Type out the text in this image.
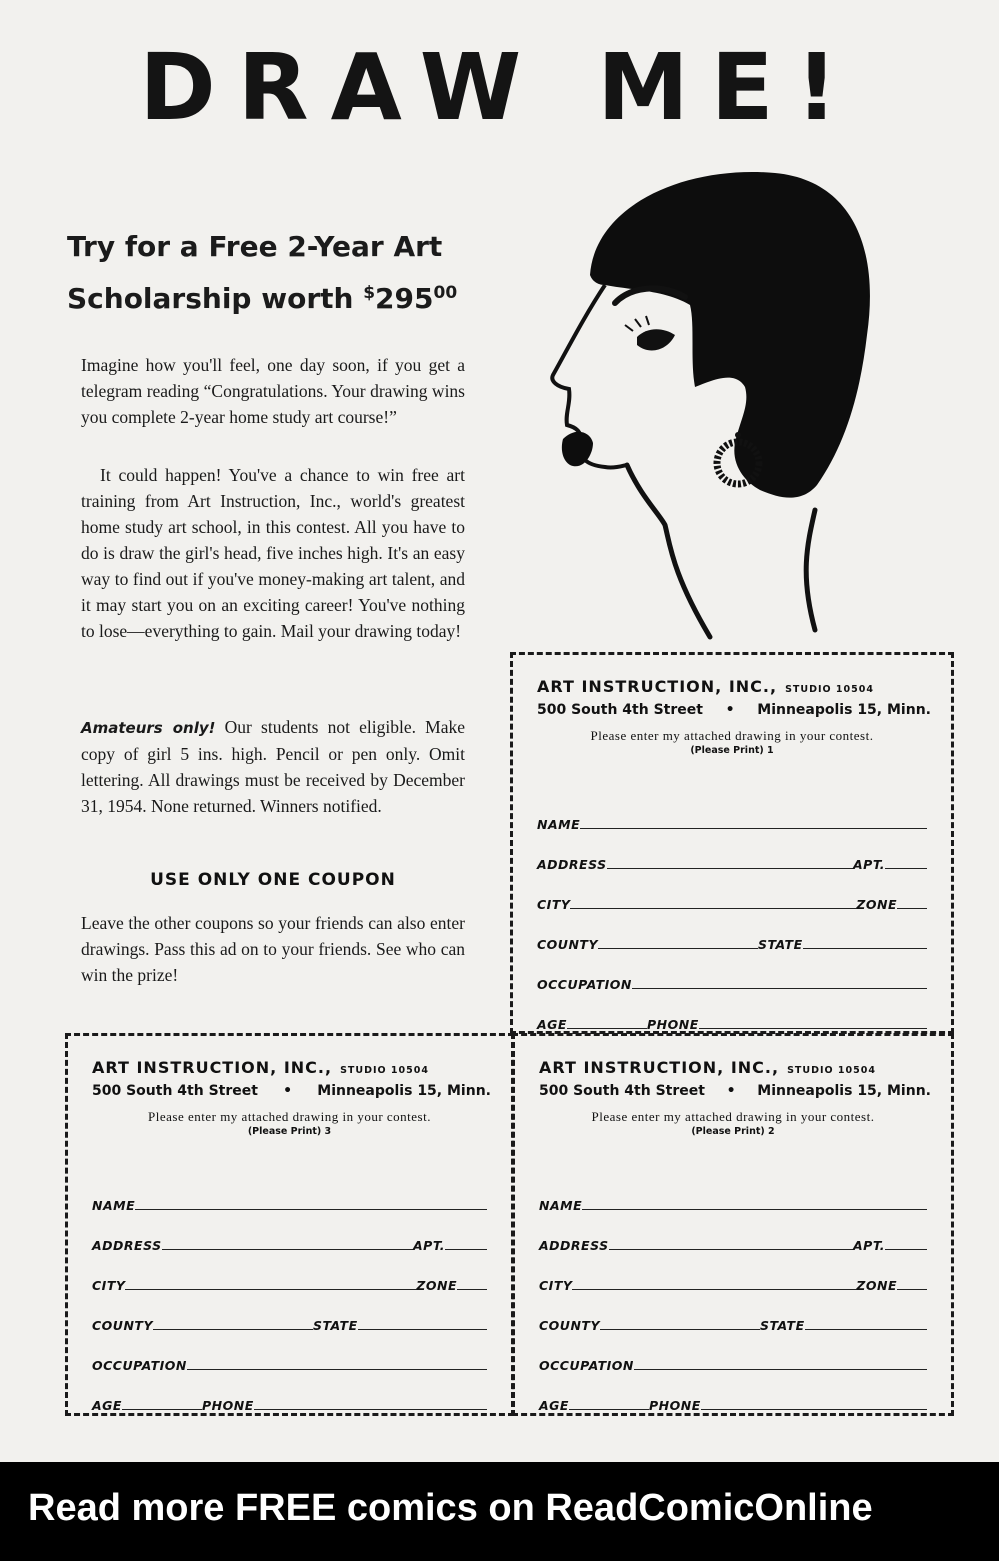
DRAW ME!
Try for a Free 2-Year Art
Scholarship worth $^{\$}295^{00}$

Imagine how you'll feel, one day soon, if you get a telegram reading “Congratulations. Your drawing wins you complete 2-year home study art course!”

It could happen! You've a chance to win free art training from Art Instruction, Inc., world's greatest home study art school, in this contest. All you have to do is draw the girl's head, five inches high. It's an easy way to find out if you've money-making art talent, and it may start you on an exciting career! You've nothing to lose—everything to gain. Mail your drawing today!

Amateurs only! Our students not eligible. Make copy of girl 5 ins. high. Pencil or pen only. Omit lettering. All drawings must be received by December 31, 1954. None returned. Winners notified.

USE ONLY ONE COUPON

Leave the other coupons so your friends can also enter drawings. Pass this ad on to your friends. See who can win the prize!

ART INSTRUCTION, INC., STUDIO 10504
500 South 4th Street • Minneapolis 15, Minn.
Please enter my attached drawing in your contest.
(Please Print) 1
NAME
ADDRESS	APT.
CITY	ZONE
COUNTY	STATE
OCCUPATION
AGE	PHONE
ART INSTRUCTION, INC., STUDIO 10504
500 South 4th Street • Minneapolis 15, Minn.
Please enter my attached drawing in your contest.
(Please Print) 3
NAME
ADDRESS	APT.
CITY	ZONE
COUNTY	STATE
OCCUPATION
AGE	PHONE
ART INSTRUCTION, INC., STUDIO 10504
500 South 4th Street • Minneapolis 15, Minn.
Please enter my attached drawing in your contest.
(Please Print) 2
NAME
ADDRESS	APT.
CITY	ZONE
COUNTY	STATE
OCCUPATION
AGE	PHONE
Read more FREE comics on ReadComicOnline
